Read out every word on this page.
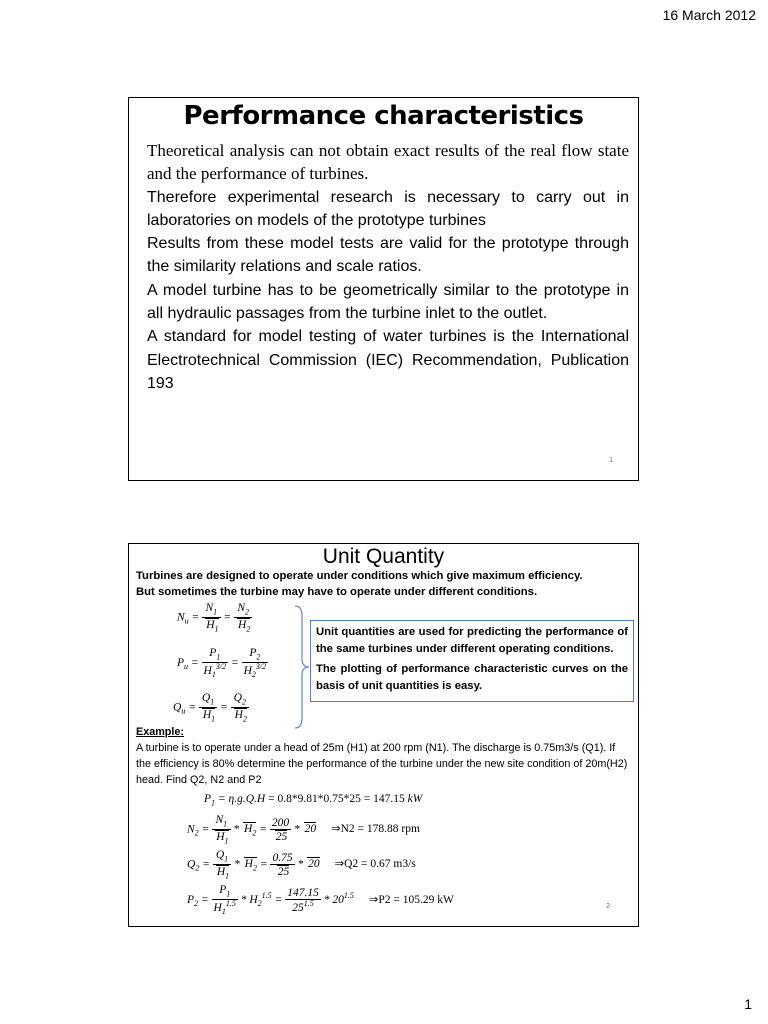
16 March 2012
Performance characteristics

Theoretical analysis can not obtain exact results of the real flow state and the performance of turbines.

Therefore experimental research is necessary to carry out in laboratories on models of the prototype turbines

Results from these model tests are valid for the prototype through the similarity relations and scale ratios.

A model turbine has to be geometrically similar to the prototype in all hydraulic passages from the turbine inlet to the outlet.

A standard for model testing of water turbines is the International Electrotechnical Commission (IEC) Recommendation, Publication 193

1
Unit Quantity
Turbines are designed to operate under conditions which give maximum efficiency.
But sometimes the turbine may have to operate under different conditions.
$N_u = \frac{N_1}{H_1} = \frac{N_2}{H_2}$
$P_u = \frac{P_1}{H_1^{3/2}} = \frac{P_2}{H_2^{3/2}}$
$Q_u = \frac{Q_1}{H_1} = \frac{Q_2}{H_2}$

Unit quantities are used for predicting the performance of the same turbines under different operating conditions.

The plotting of performance characteristic curves on the basis of unit quantities is easy.

Example:
A turbine is to operate under a head of 25m (H1) at 200 rpm (N1). The discharge is 0.75m3/s (Q1). If the efficiency is 80% determine the performance of the turbine under the new site condition of 20m(H2) head. Find Q2, N2 and P2
$P_1 = \eta.g.Q.H = 0.8*9.81*0.75*25 = 147.15$ kW
$N_2 = \frac{N_1}{H_1} * H_2 = \frac{200}{25} * 20$ ⇒N2 = 178.88 rpm
$Q_2 = \frac{Q_1}{H_1} * H_2 = \frac{0.75}{25} * 20$ ⇒Q2 = 0.67 m3/s
$P_2 = \frac{P_1}{H_1^{1.5}} * H_2^{1.5} = \frac{147.15}{25^{1.5}} * 20^{1.5}$ ⇒P2 = 105.29 kW
2
1
